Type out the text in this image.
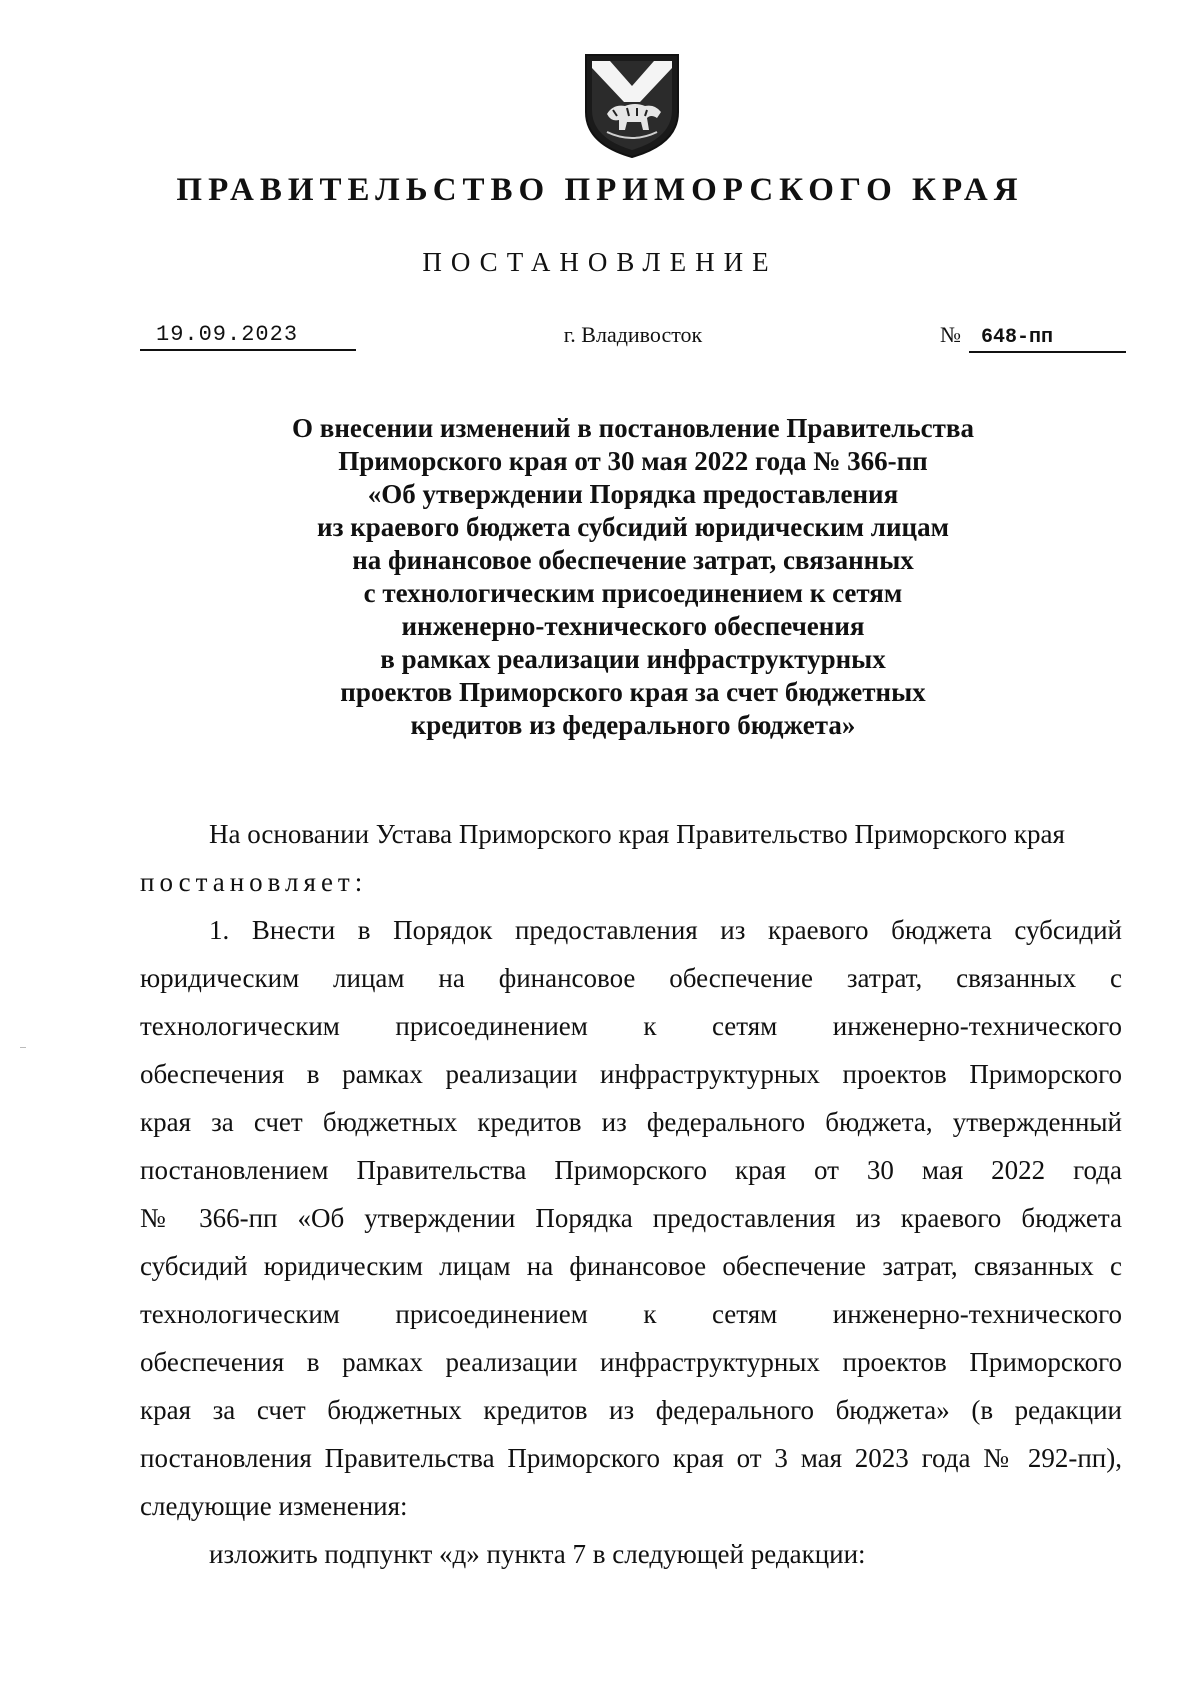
ПРАВИТЕЛЬСТВО ПРИМОРСКОГО КРАЯ
ПОСТАНОВЛЕНИЕ
19.09.2023	г. Владивосток	№ 648-пп
О внесении изменений в постановление Правительства
Приморского края от 30 мая 2022 года № 366-пп
«Об утверждении Порядка предоставления
из краевого бюджета субсидий юридическим лицам
на финансовое обеспечение затрат, связанных
с технологическим присоединением к сетям
инженерно-технического обеспечения
в рамках реализации инфраструктурных
проектов Приморского края за счет бюджетных
кредитов из федерального бюджета»
На основании Устава Приморского края Правительство Приморского края
постановляет:
1. Внести в Порядок предоставления из краевого бюджета субсидий
юридическим лицам на финансовое обеспечение затрат, связанных с
технологическим присоединением к сетям инженерно-технического
обеспечения в рамках реализации инфраструктурных проектов Приморского
края за счет бюджетных кредитов из федерального бюджета, утвержденный
постановлением Правительства Приморского края от 30 мая 2022 года
№ 366-пп «Об утверждении Порядка предоставления из краевого бюджета
субсидий юридическим лицам на финансовое обеспечение затрат, связанных с
технологическим присоединением к сетям инженерно-технического
обеспечения в рамках реализации инфраструктурных проектов Приморского
края за счет бюджетных кредитов из федерального бюджета» (в редакции
постановления Правительства Приморского края от 3 мая 2023 года № 292-пп),
следующие изменения:
изложить подпункт «д» пункта 7 в следующей редакции:
